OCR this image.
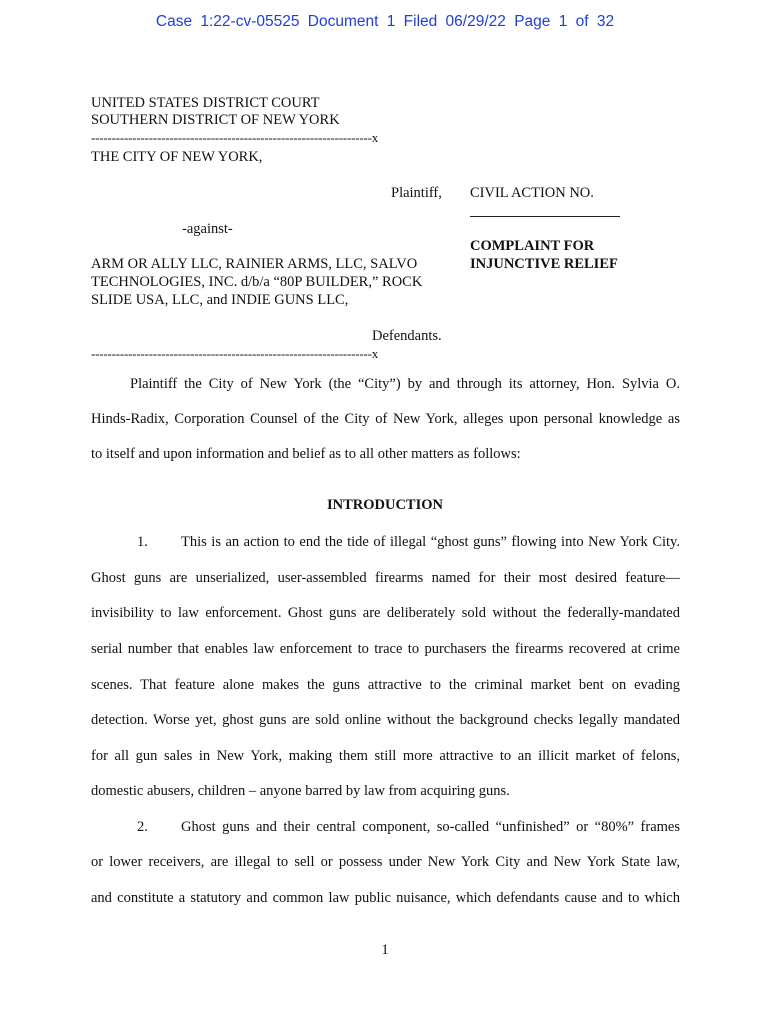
Case 1:22-cv-05525 Document 1 Filed 06/29/22 Page 1 of 32
UNITED STATES DISTRICT COURT
SOUTHERN DISTRICT OF NEW YORK
--------------------------------------------------------------------x
THE CITY OF NEW YORK,
Plaintiff, CIVIL ACTION NO.
-against-
COMPLAINT FOR
INJUNCTIVE RELIEF
ARM OR ALLY LLC, RAINIER ARMS, LLC, SALVO
TECHNOLOGIES, INC. d/b/a “80P BUILDER,” ROCK
SLIDE USA, LLC, and INDIE GUNS LLC,
Defendants.
--------------------------------------------------------------------x
Plaintiff the City of New York (the “City”) by and through its attorney, Hon. Sylvia O.
Hinds-Radix, Corporation Counsel of the City of New York, alleges upon personal knowledge as
to itself and upon information and belief as to all other matters as follows:
INTRODUCTION
1. This is an action to end the tide of illegal “ghost guns” flowing into New York City.
Ghost guns are unserialized, user-assembled firearms named for their most desired feature—
invisibility to law enforcement. Ghost guns are deliberately sold without the federally-mandated
serial number that enables law enforcement to trace to purchasers the firearms recovered at crime
scenes. That feature alone makes the guns attractive to the criminal market bent on evading
detection. Worse yet, ghost guns are sold online without the background checks legally mandated
for all gun sales in New York, making them still more attractive to an illicit market of felons,
domestic abusers, children – anyone barred by law from acquiring guns.
2. Ghost guns and their central component, so-called “unfinished” or “80%” frames
or lower receivers, are illegal to sell or possess under New York City and New York State law,
and constitute a statutory and common law public nuisance, which defendants cause and to which
1
